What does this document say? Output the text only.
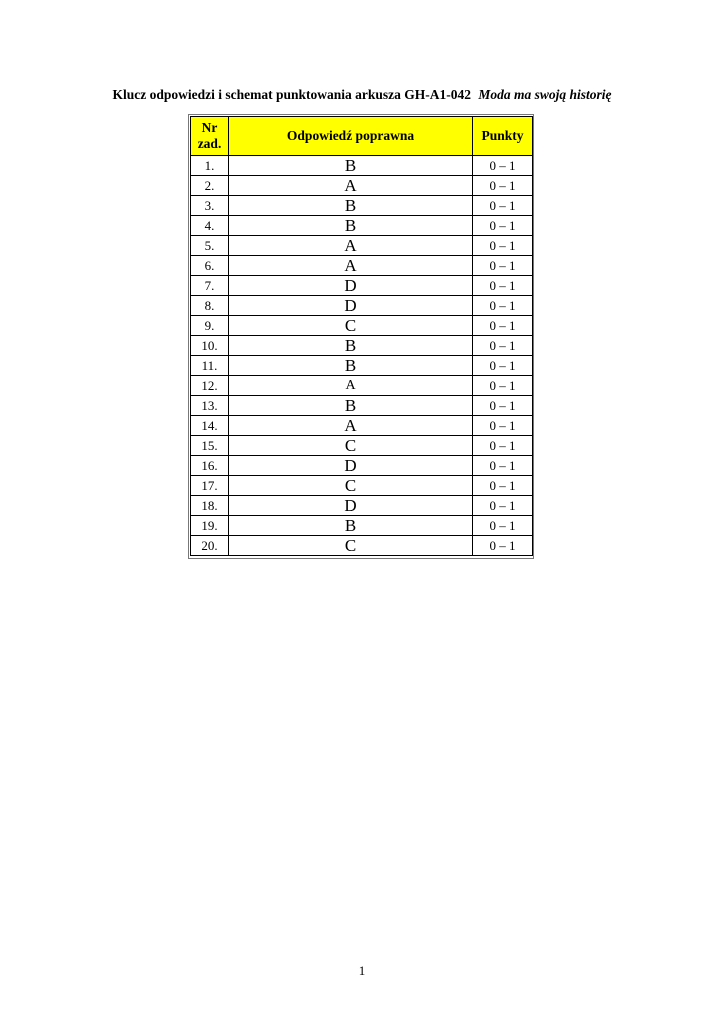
Klucz odpowiedzi i schemat punktowania arkusza GH-A1-042 Moda ma swoją historię
Nr
zad.	Odpowiedź poprawna	Punkty
1.	B	0 – 1
2.	A	0 – 1
3.	B	0 – 1
4.	B	0 – 1
5.	A	0 – 1
6.	A	0 – 1
7.	D	0 – 1
8.	D	0 – 1
9.	C	0 – 1
10.	B	0 – 1
11.	B	0 – 1
12.	A	0 – 1
13.	B	0 – 1
14.	A	0 – 1
15.	C	0 – 1
16.	D	0 – 1
17.	C	0 – 1
18.	D	0 – 1
19.	B	0 – 1
20.	C	0 – 1
1
